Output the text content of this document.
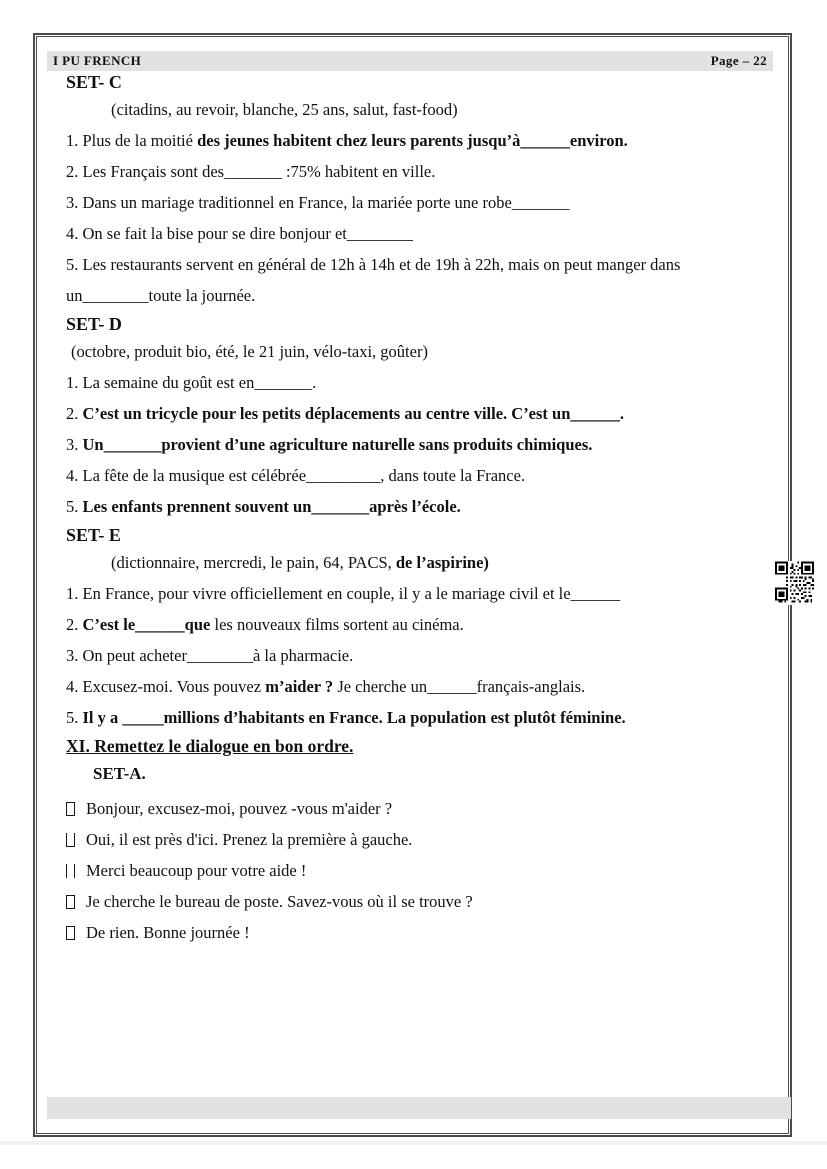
I PU FRENCH	Page – 22
SET- C
(citadins, au revoir, blanche, 25 ans, salut, fast-food)
1. Plus de la moitié des jeunes habitent chez leurs parents jusqu’à______environ.
2. Les Français sont des_______ :75% habitent en ville.
3. Dans un mariage traditionnel en France, la mariée porte une robe_______
4. On se fait la bise pour se dire bonjour et________
5. Les restaurants servent en général de 12h à 14h et de 19h à 22h, mais on peut manger dans
un________toute la journée.
SET- D
(octobre, produit bio, été, le 21 juin, vélo-taxi, goûter)
1. La semaine du goût est en_______.
2. C’est un tricycle pour les petits déplacements au centre ville. C’est un______.
3. Un_______provient d’une agriculture naturelle sans produits chimiques.
4. La fête de la musique est célébrée_________, dans toute la France.
5. Les enfants prennent souvent un_______après l’école.
SET- E
(dictionnaire, mercredi, le pain, 64, PACS, de l’aspirine)
1. En France, pour vivre officiellement en couple, il y a le mariage civil et le______
2. C’est le______que les nouveaux films sortent au cinéma.
3. On peut acheter________à la pharmacie.
4. Excusez-moi. Vous pouvez m’aider ? Je cherche un______français-anglais.
5. Il y a _____millions d’habitants en France. La population est plutôt féminine.
XI. Remettez le dialogue en bon ordre.
SET-A.
Bonjour, excusez-moi, pouvez -vous m'aider ?
Oui, il est près d'ici. Prenez la première à gauche.
Merci beaucoup pour votre aide !
Je cherche le bureau de poste. Savez-vous où il se trouve ?
De rien. Bonne journée !
